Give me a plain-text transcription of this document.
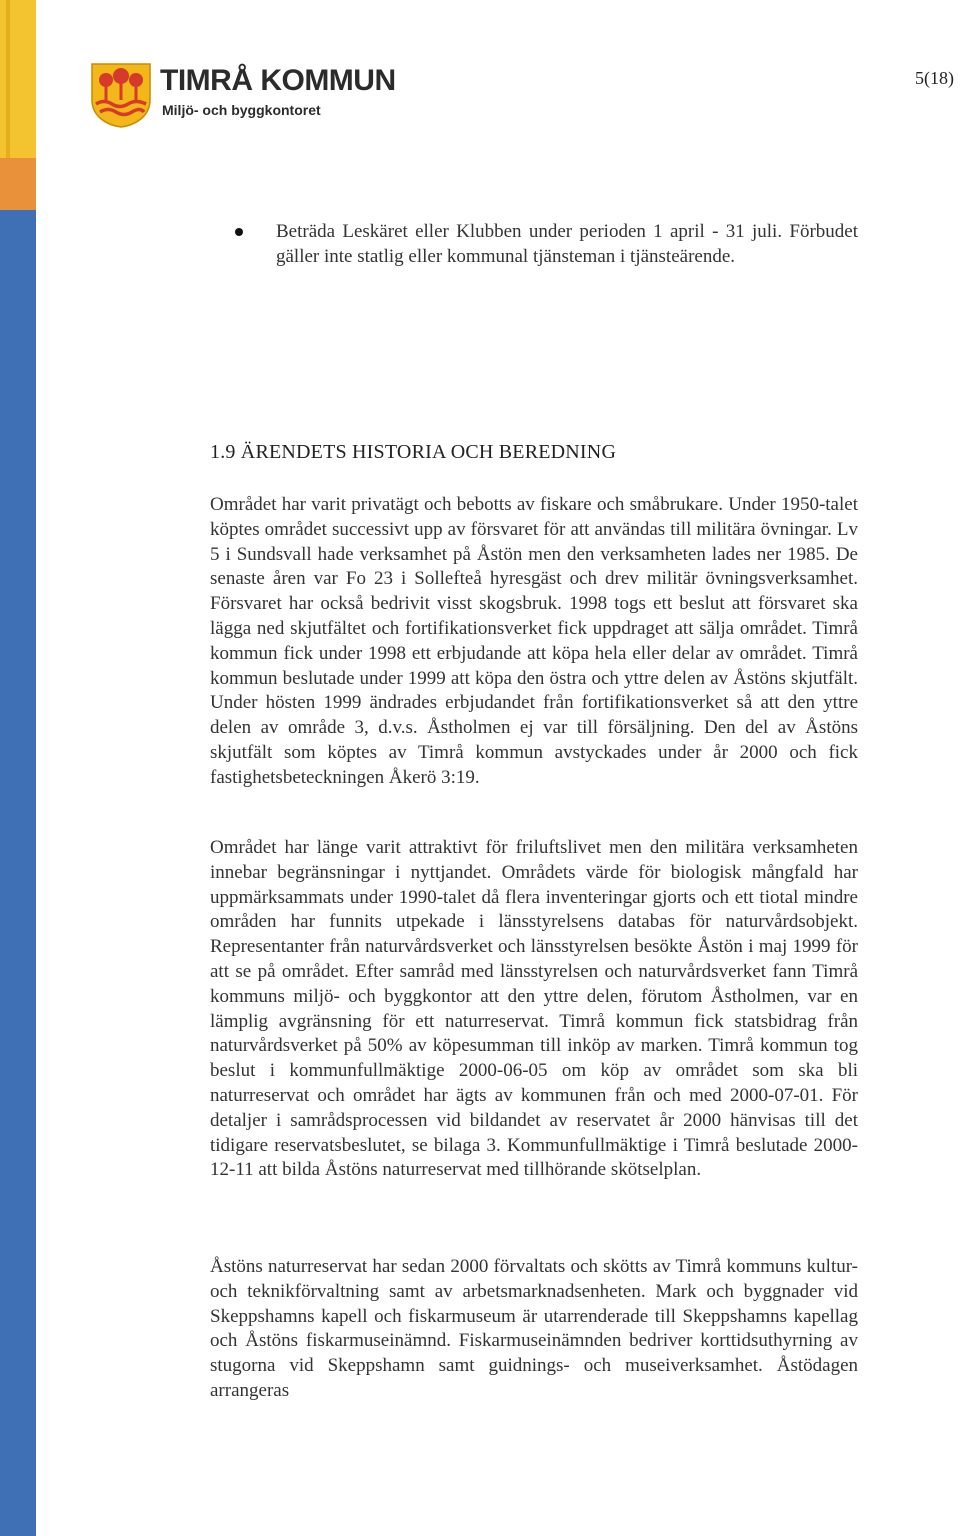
TIMRÅ KOMMUN
Miljö- och byggkontoret
5(18)
Beträda Leskäret eller Klubben under perioden 1 april - 31 juli. Förbudet gäller inte statlig eller kommunal tjänsteman i tjänsteärende.
1.9 ÄRENDETS HISTORIA OCH BEREDNING

Området har varit privatägt och bebotts av fiskare och småbrukare. Under 1950-talet köptes området successivt upp av försvaret för att användas till militära övningar. Lv 5 i Sundsvall hade verksamhet på Åstön men den verksamheten lades ner 1985. De senaste åren var Fo 23 i Sollefteå hyresgäst och drev militär övningsverksamhet. Försvaret har också bedrivit visst skogsbruk. 1998 togs ett beslut att försvaret ska lägga ned skjutfältet och fortifikationsverket fick uppdraget att sälja området. Timrå kommun fick under 1998 ett erbjudande att köpa hela eller delar av området. Timrå kommun beslutade under 1999 att köpa den östra och yttre delen av Åstöns skjutfält. Under hösten 1999 ändrades erbjudandet från fortifikationsverket så att den yttre delen av område 3, d.v.s. Åstholmen ej var till försäljning. Den del av Åstöns skjutfält som köptes av Timrå kommun avstyckades under år 2000 och fick fastighetsbeteckningen Åkerö 3:19.

Området har länge varit attraktivt för friluftslivet men den militära verksamheten innebar begränsningar i nyttjandet. Områdets värde för biologisk mångfald har uppmärksammats under 1990-talet då flera inventeringar gjorts och ett tiotal mindre områden har funnits utpekade i länsstyrelsens databas för naturvårdsobjekt. Representanter från naturvårdsverket och länsstyrelsen besökte Åstön i maj 1999 för att se på området. Efter samråd med länsstyrelsen och naturvårdsverket fann Timrå kommuns miljö- och byggkontor att den yttre delen, förutom Åstholmen, var en lämplig avgränsning för ett naturreservat. Timrå kommun fick statsbidrag från naturvårdsverket på 50% av köpesumman till inköp av marken. Timrå kommun tog beslut i kommunfullmäktige 2000-06-05 om köp av området som ska bli naturreservat och området har ägts av kommunen från och med 2000-07-01. För detaljer i samrådsprocessen vid bildandet av reservatet år 2000 hänvisas till det tidigare reservatsbeslutet, se bilaga 3. Kommunfullmäktige i Timrå beslutade 2000-12-11 att bilda Åstöns naturreservat med tillhörande skötselplan.

Åstöns naturreservat har sedan 2000 förvaltats och skötts av Timrå kommuns kultur- och teknikförvaltning samt av arbetsmarknadsenheten. Mark och byggnader vid Skeppshamns kapell och fiskarmuseum är utarrenderade till Skeppshamns kapellag och Åstöns fiskarmuseinämnd. Fiskarmuseinämnden bedriver korttidsuthyrning av stugorna vid Skeppshamn samt guidnings- och museiverksamhet. Åstödagen arrangeras
